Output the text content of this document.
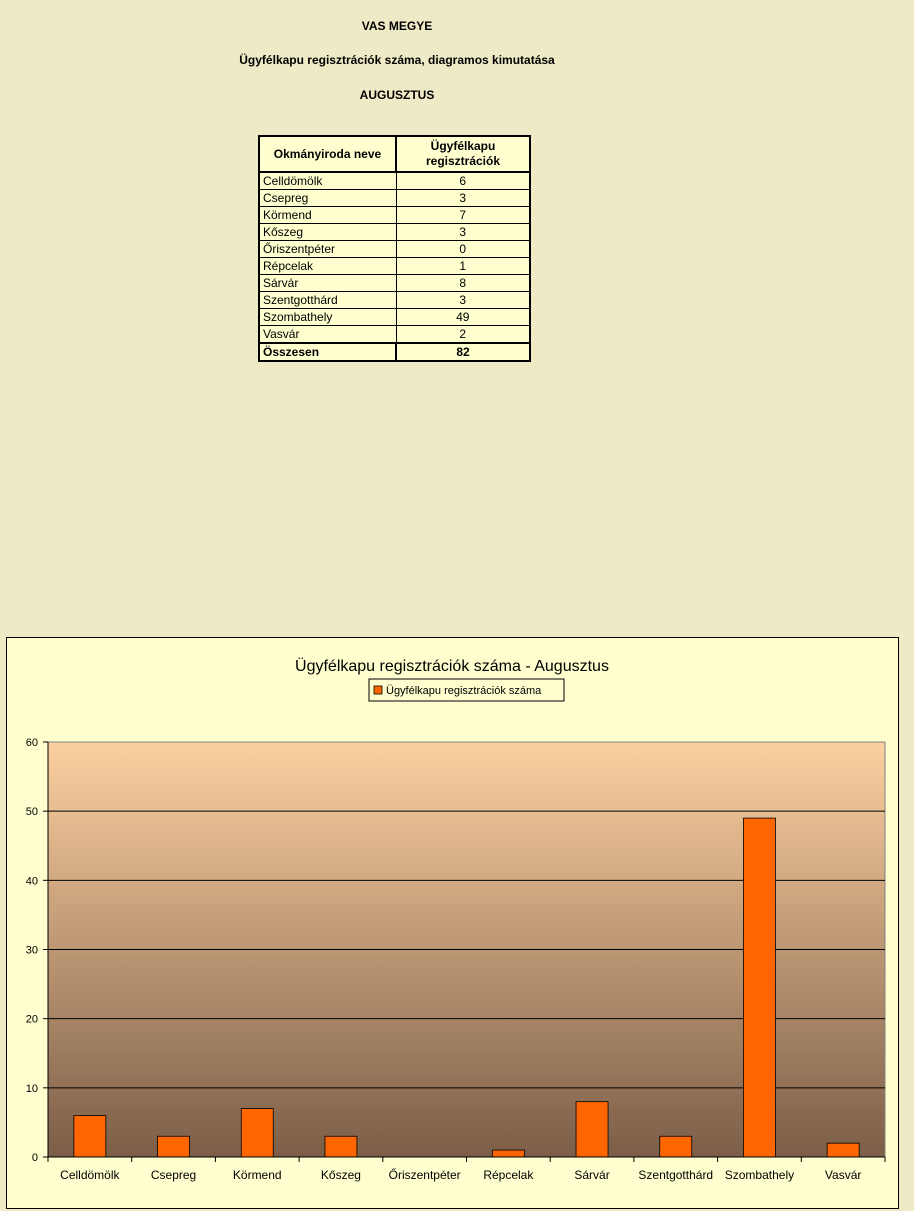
VAS MEGYE
Ügyfélkapu regisztrációk száma, diagramos kimutatása
AUGUSZTUS
Okmányiroda neve	Ügyfélkapu
regisztrációk
Celldömölk	6
Csepreg	3
Körmend	7
Kőszeg	3
Őriszentpéter	0
Répcelak	1
Sárvár	8
Szentgotthárd	3
Szombathely	49
Vasvár	2
Összesen	82
Ügyfélkapu regisztrációk száma - Augusztus
Ügyfélkapu regisztrációk száma
0
10
20
30
40
50
60
Celldömölk	Csepreg	Körmend	Kőszeg Őriszentpéter Répcelak	Sárvár Szentgotthárd Szombathely	Vasvár
